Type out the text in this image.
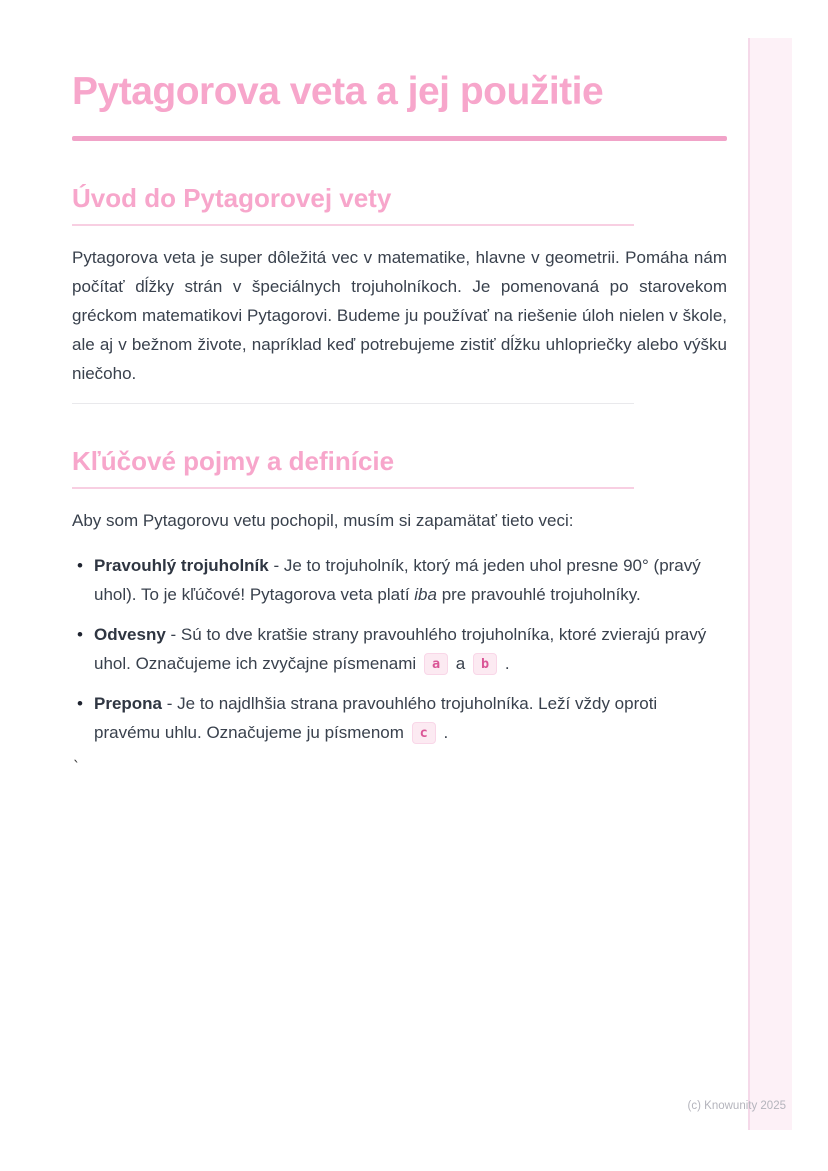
Pytagorova veta a jej použitie
Úvod do Pytagorovej vety

Pytagorova veta je super dôležitá vec v matematike, hlavne v geometrii. Pomáha nám počítať dĺžky strán v špeciálnych trojuholníkoch. Je pomenovaná po starovekom gréckom matematikovi Pytagorovi. Budeme ju používať na riešenie úloh nielen v škole, ale aj v bežnom živote, napríklad keď potrebujeme zistiť dĺžku uhlopriečky alebo výšku niečoho.

Kľúčové pojmy a definície

Aby som Pytagorovu vetu pochopil, musím si zapamätať tieto veci:

• Pravouhlý trojuholník - Je to trojuholník, ktorý má jeden uhol presne 90° (pravý uhol). To je kľúčové! Pytagorova veta platí iba pre pravouhlé trojuholníky.
• Odvesny - Sú to dve kratšie strany pravouhlého trojuholníka, ktoré zvierajú pravý uhol. Označujeme ich zvyčajne písmenami a a b .
• Prepona - Je to najdlhšia strana pravouhlého trojuholníka. Leží vždy oproti pravému uhlu. Označujeme ju písmenom c .
`
(c) Knowunity 2025
